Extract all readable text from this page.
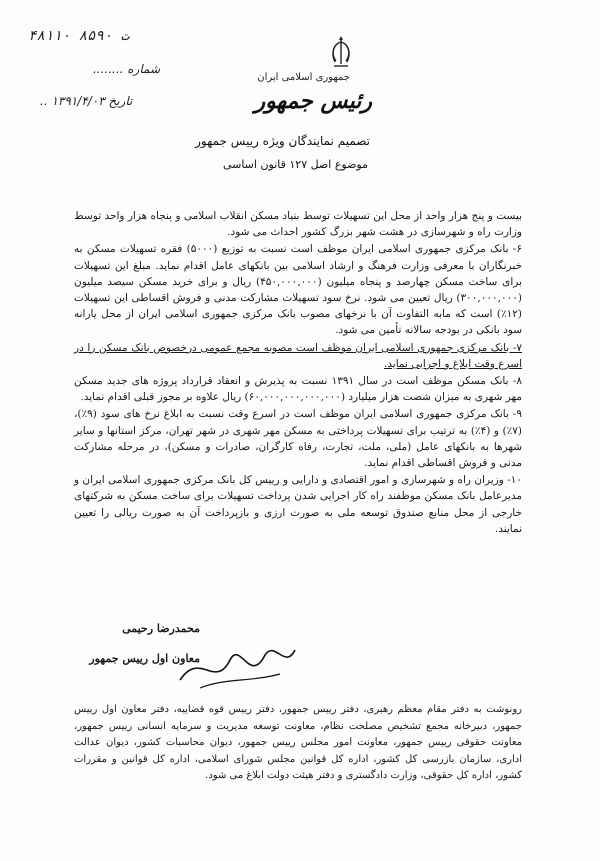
۴۸۱۱۰ ت ۸۵۹۰
شماره ........
تاریخ ۱۳۹۱/۴/۰۳ ..
جمهوری اسلامی ایران
رئیس جمهور
تصمیم نمایندگان ویژه رییس جمهور
موضوع اصل ۱۲۷ قانون اساسی

بیست و پنج هزار واحد از محل این تسهیلات توسط بنیاد مسکن انقلاب اسلامی و پنجاه هزار واحد توسط وزارت راه و شهرسازی در هشت شهر بزرگ کشور احداث می شود.

۶- بانک مرکزی جمهوری اسلامی ایران موظف است نسبت به توزیع (۵۰۰۰) فقره تسهیلات مسکن به خبرنگاران با معرفی وزارت فرهنگ و ارشاد اسلامی بین بانکهای عامل اقدام نماید. مبلغ این تسهیلات برای ساخت مسکن چهارصد و پنجاه میلیون (۴۵۰,۰۰۰,۰۰۰) ریال و برای خرید مسکن سیصد میلیون (۳۰۰,۰۰۰,۰۰۰) ریال تعیین می شود. نرخ سود تسهیلات مشارکت مدنی و فروش اقساطی این تسهیلات (۱۲٪) است که مابه التفاوت آن با نرخهای مصوب بانک مرکزی جمهوری اسلامی ایران از محل یارانه سود بانکی در بودجه سالانه تأمین می شود.

۷- بانک مرکزی جمهوری اسلامی ایران موظف است مصوبه مجمع عمومی درخصوص بانک مسکن را در اسرع وقت ابلاغ و اجرایی نماید.

۸- بانک مسکن موظف است در سال ۱۳۹۱ نسبت به پذیرش و انعقاد قرارداد پروژه های جدید مسکن مهر شهری به میزان شصت هزار میلیارد (۶۰,۰۰۰,۰۰۰,۰۰۰,۰۰۰) ریال علاوه بر مجوز قبلی اقدام نماید.

۹- بانک مرکزی جمهوری اسلامی ایران موظف است در اسرع وقت نسبت به ابلاغ نرخ های سود (۹٪)، (۷٪) و (۴٪) به ترتیب برای تسهیلات پرداختی به مسکن مهر شهری در شهر تهران، مرکز استانها و سایر شهرها به بانکهای عامل (ملی، ملت، تجارت، رفاه کارگران، صادرات و مسکن)، در مرحله مشارکت مدنی و فروش اقساطی اقدام نماید.

۱۰- وزیران راه و شهرسازی و امور اقتصادی و دارایی و رییس کل بانک مرکزی جمهوری اسلامی ایران و مدیرعامل بانک مسکن موظفند راه کار اجرایی شدن پرداخت تسهیلات برای ساخت مسکن به شرکتهای خارجی از محل منابع صندوق توسعه ملی به صورت ارزی و بازپرداخت آن به صورت ریالی را تعیین نمایند.

محمدرضا رحیمی
معاون اول رییس جمهور
رونوشت به دفتر مقام معظم رهبری، دفتر رییس جمهور، دفتر رییس قوه قضاییه، دفتر معاون اول رییس جمهور، دبیرخانه مجمع تشخیص مصلحت نظام، معاونت توسعه مدیریت و سرمایه انسانی رییس جمهور، معاونت حقوقی رییس جمهور، معاونت امور مجلس رییس جمهور، دیوان محاسبات کشور، دیوان عدالت اداری، سازمان بازرسی کل کشور، اداره کل قوانین مجلس شورای اسلامی، اداره کل قوانین و مقررات کشور، اداره کل حقوقی، وزارت دادگستری و دفتر هیئت دولت ابلاغ می شود.
